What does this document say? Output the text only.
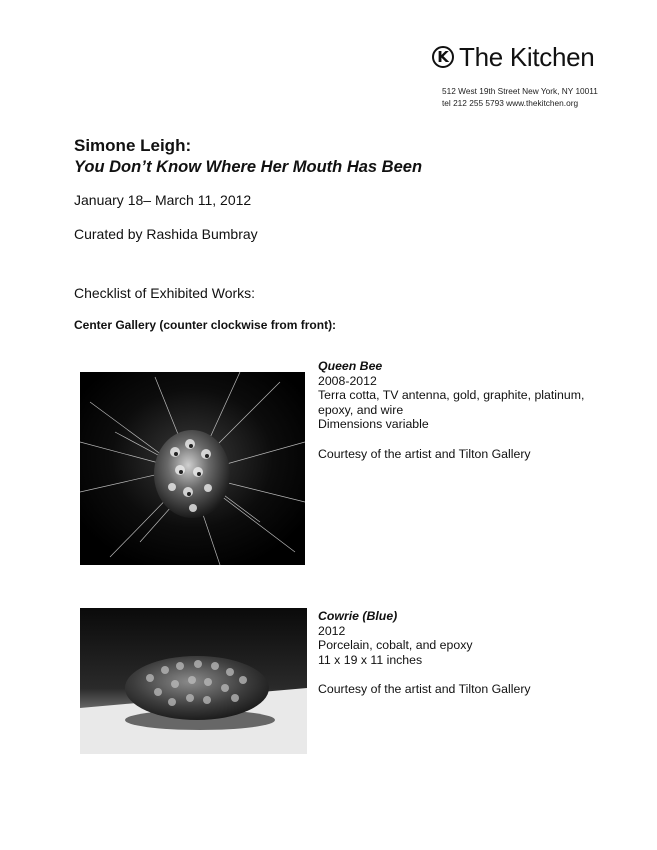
K The Kitchen
512 West 19th Street New York, NY 10011
tel 212 255 5793 www.thekitchen.org
Simone Leigh:
You Don’t Know Where Her Mouth Has Been
January 18– March 11, 2012
Curated by Rashida Bumbray
Checklist of Exhibited Works:
Center Gallery (counter clockwise from front):
Queen Bee
2008-2012
Terra cotta, TV antenna, gold, graphite, platinum,
epoxy, and wire
Dimensions variable
Courtesy of the artist and Tilton Gallery
Cowrie (Blue)
2012
Porcelain, cobalt, and epoxy
11 x 19 x 11 inches
Courtesy of the artist and Tilton Gallery
